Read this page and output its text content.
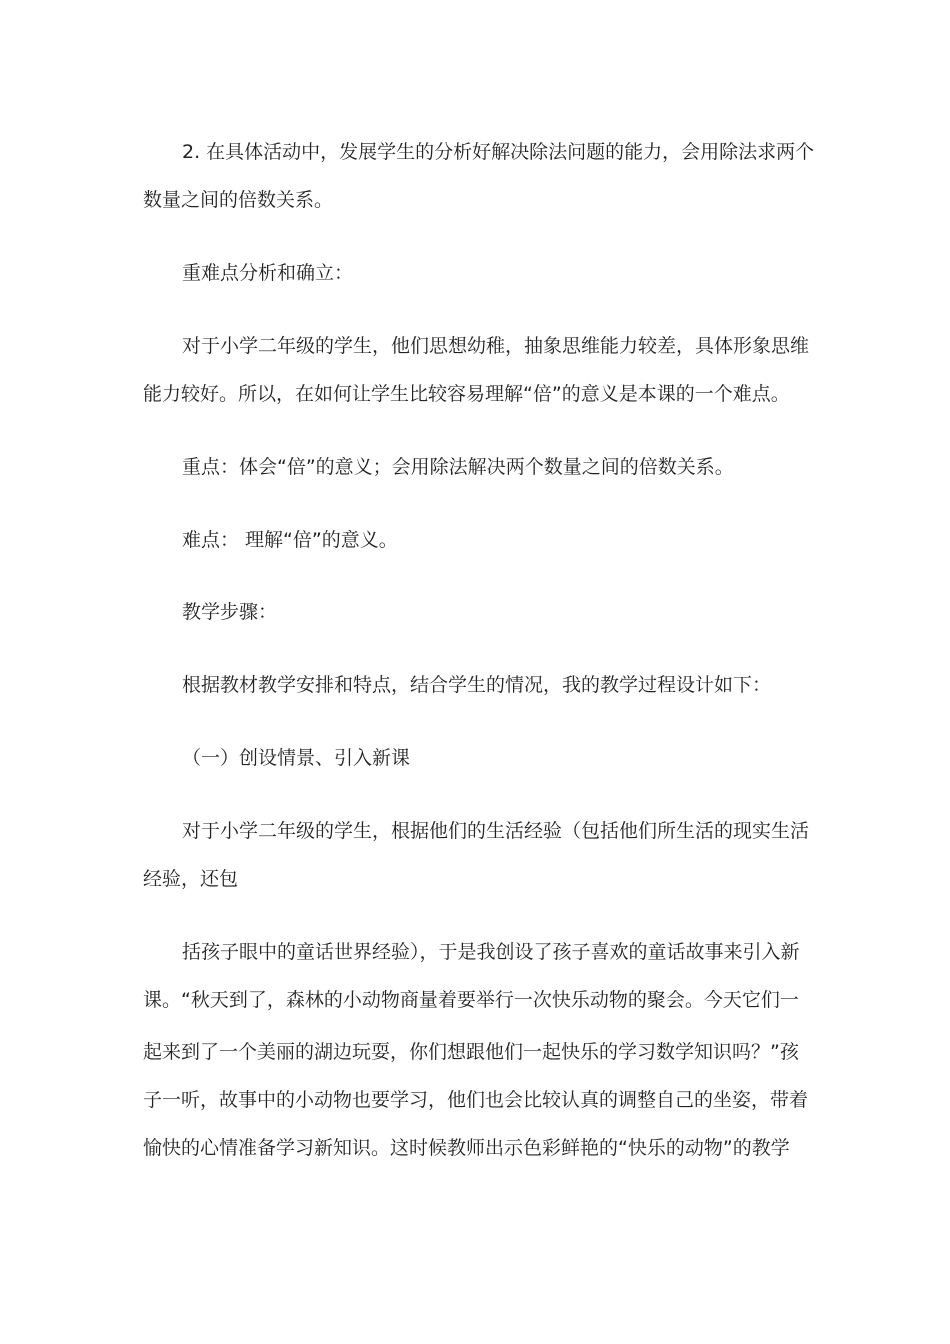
2. 在具体活动中，发展学生的分析好解决除法问题的能力，会用除法求两个
数量之间的倍数关系。
重难点分析和确立：
对于小学二年级的学生，他们思想幼稚，抽象思维能力较差，具体形象思维
能力较好。所以，在如何让学生比较容易理解“倍”的意义是本课的一个难点。
重点：体会“倍”的意义；会用除法解决两个数量之间的倍数关系。
难点： 理解“倍”的意义。
教学步骤：
根据教材教学安排和特点，结合学生的情况，我的教学过程设计如下：
（一）创设情景、引入新课
对于小学二年级的学生，根据他们的生活经验（包括他们所生活的现实生活
经验，还包
括孩子眼中的童话世界经验），于是我创设了孩子喜欢的童话故事来引入新
课。“秋天到了，森林的小动物商量着要举行一次快乐动物的聚会。今天它们一
起来到了一个美丽的湖边玩耍，你们想跟他们一起快乐的学习数学知识吗？”孩
子一听，故事中的小动物也要学习，他们也会比较认真的调整自己的坐姿，带着
愉快的心情准备学习新知识。这时候教师出示色彩鲜艳的“快乐的动物”的教学
